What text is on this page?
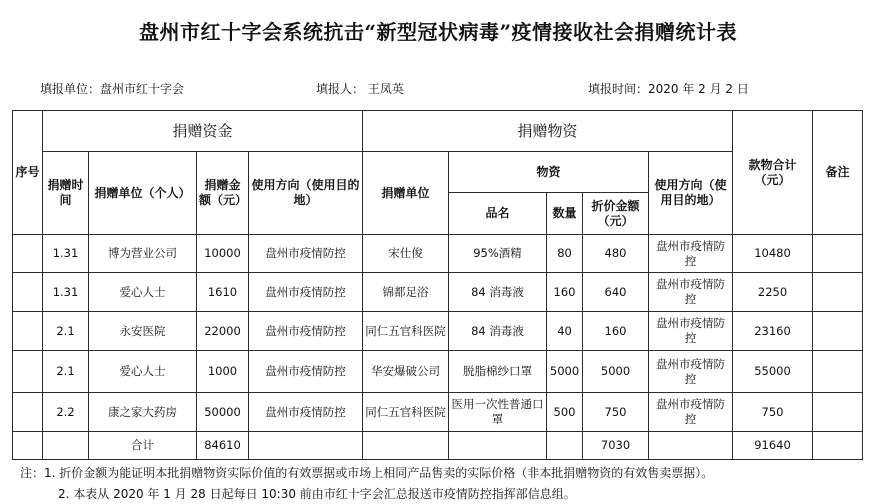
盘州市红十字会系统抗击“新型冠状病毒”疫情接收社会捐赠统计表
填报单位：盘州市红十字会	填报人： 王凤英	填报时间：2020 年 2 月 2 日
序号	捐赠资金				捐赠物资					款物合计（元）	备注
	捐赠时间	捐赠单位（个人）	捐赠金额（元）	使用方向（使用目的地）	捐赠单位	物资			使用方向（使用目的地）		
						品名	数量	折价金额（元）			
	1.31	博为营业公司	10000	盘州市疫情防控	宋仕俊	95%酒精	80	480	盘州市疫情防控	10480	
	1.31	爱心人士	1610	盘州市疫情防控	锦都足浴	84 消毒液	160	640	盘州市疫情防控	2250	
	2.1	永安医院	22000	盘州市疫情防控	同仁五官科医院	84 消毒液	40	160	盘州市疫情防控	23160	
	2.1	爱心人士	1000	盘州市疫情防控	华安爆破公司	脱脂棉纱口罩	5000	5000	盘州市疫情防控	55000	
	2.2	康之家大药房	50000	盘州市疫情防控	同仁五官科医院	医用一次性普通口罩	500	750	盘州市疫情防控	750	
		合计	84610					7030		91640	
注：1. 折价金额为能证明本批捐赠物资实际价值的有效票据或市场上相同产品售卖的实际价格（非本批捐赠物资的有效售卖票据）。
2. 本表从 2020 年 1 月 28 日起每日 10:30 前由市红十字会汇总报送市疫情防控指挥部信息组。
